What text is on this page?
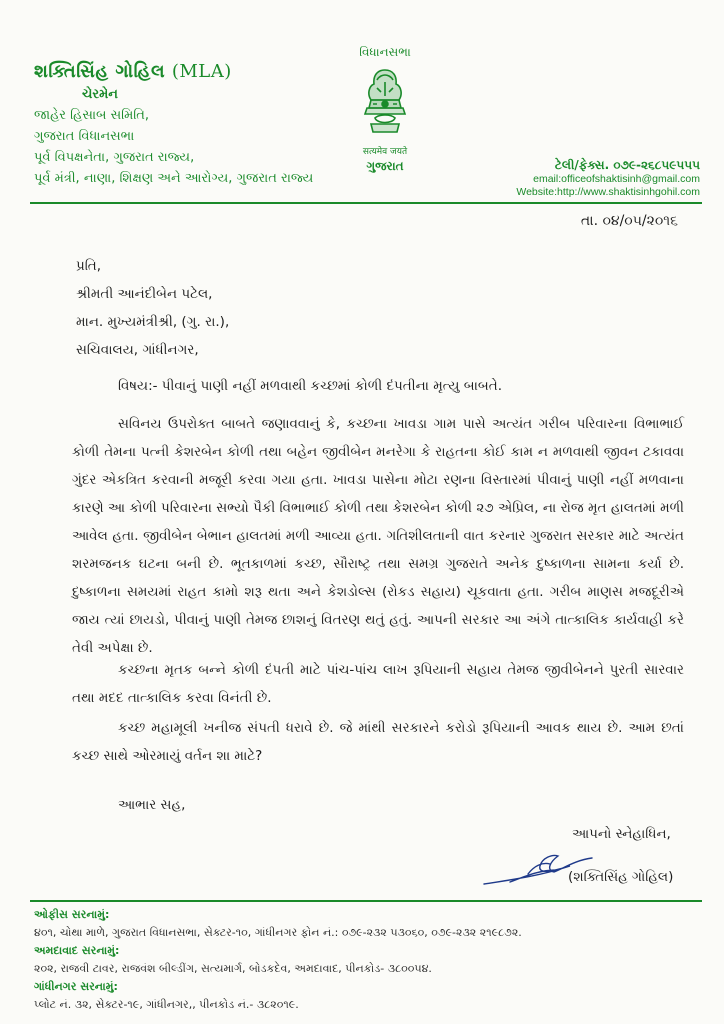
શક્તિસિંહ ગોહિલ (MLA)
ચેરમેન
જાહેર હિસાબ સમિતિ,
ગુજરાત વિધાનસભા
પૂર્વ વિપક્ષનેતા, ગુજરાત રાજ્ય,
પૂર્વ મંત્રી, નાણા, શિક્ષણ અને આરોગ્ય, ગુજરાત રાજ્ય
વિધાનસભા
सत्यमेव जयते
ગુજરાત	ટેલી/ફેક્સ. ૦૭૯-૨૬૮૫૯૫૫૫
email:officeofshaktisinh@gmail.com
Website:http://www.shaktisinhgohil.com
તા. ૦૪/૦૫/૨૦૧૬
પ્રતિ,
શ્રીમતી આનંદીબેન પટેલ,
માન. મુખ્યમંત્રીશ્રી, (ગુ. રા.),
સચિવાલય, ગાંધીનગર,
વિષય:- પીવાનું પાણી નહીં મળવાથી કચ્છમાં કોળી દંપતીના મૃત્યુ બાબતે.
સવિનય ઉપરોક્ત બાબતે જણાવવાનું કે, કચ્છના ખાવડા ગામ પાસે અત્યંત ગરીબ પરિવારના વિભાભાઈ કોળી તેમના પત્ની કેશરબેન કોળી તથા બહેન જીવીબેન મનરેગા કે રાહતના કોઈ કામ ન મળવાથી જીવન ટકાવવા ગુંદર એકત્રિત કરવાની મજૂરી કરવા ગયા હતા. ખાવડા પાસેના મોટા રણના વિસ્તારમાં પીવાનું પાણી નહીં મળવાના કારણે આ કોળી પરિવારના સભ્યો પૈકી વિભાભાઈ કોળી તથા કેશરબેન કોળી ૨૭ એપ્રિલ, ના રોજ મૃત હાલતમાં મળી આવેલ હતા. જીવીબેન બેભાન હાલતમાં મળી આવ્યા હતા. ગતિશીલતાની વાત કરનાર ગુજરાત સરકાર માટે અત્યંત શરમજનક ઘટના બની છે. ભૂતકાળમાં કચ્છ, સૌરાષ્ટ્ર તથા સમગ્ર ગુજરાતે અનેક દુષ્કાળના સામના કર્યા છે. દુષ્કાળના સમયમાં રાહત કામો શરૂ થતા અને કેશડોલ્સ (રોકડ સહાય) ચૂકવાતા હતા. ગરીબ માણસ મજદૂરીએ જાય ત્યાં છાયડો, પીવાનું પાણી તેમજ છાશનું વિતરણ થતું હતું. આપની સરકાર આ અંગે તાત્કાલિક કાર્યવાહી કરે તેવી અપેક્ષા છે.
કચ્છના મૃતક બન્ને કોળી દંપતી માટે પાંચ-પાંચ લાખ રૂપિયાની સહાય તેમજ જીવીબેનને પુરતી સારવાર તથા મદદ તાત્કાલિક કરવા વિનંતી છે.
કચ્છ મહામૂલી ખનીજ સંપતી ધરાવે છે. જે માંથી સરકારને કરોડો રૂપિયાની આવક થાય છે. આમ છતાં કચ્છ સાથે ઓરમાયું વર્તન શા માટે?
આભાર સહ,
આપનો સ્નેહાધિન,
(શક્તિસિંહ ગોહિલ)
ઓફીસ સરનામું:
૪૦૧, ચોથા માળે, ગુજરાત વિધાનસભા, સેક્ટર-૧૦, ગાંધીનગર ફોન નં.: ૦૭૯-૨૩૨ ૫૩૦૬૦, ૦૭૯-૨૩૨ ૨૧૯૮૭૨.
અમદાવાદ સરનામું:
૨૦૨, રાજવી ટાવર, રાજવંશ બીલ્ડીંગ, સત્યમાર્ગ, બોડકદેવ, અમદાવાદ, પીનકોડ- ૩૮૦૦૫૪.
ગાંધીનગર સરનામું:
પ્લોટ નં. ૩૨, સેક્ટર-૧૯, ગાંધીનગર,, પીનકોડ નં.- ૩૮૨૦૧૯.
